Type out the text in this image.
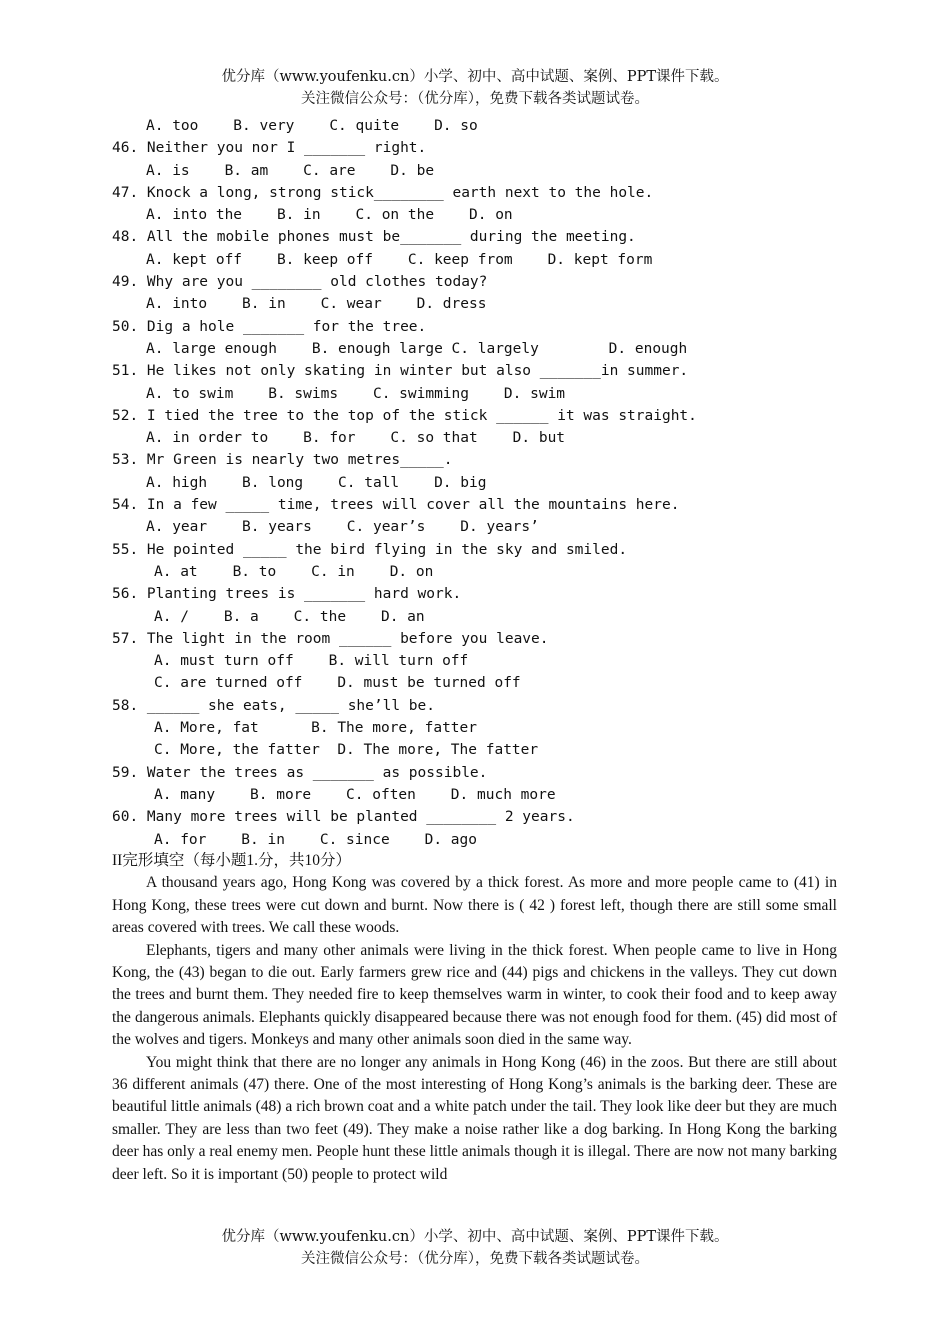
优分库（www.youfenku.cn）小学、初中、高中试题、案例、PPT课件下载。
关注微信公众号：（优分库），免费下载各类试题试卷。
A. too    B. very    C. quite    D. so
46. Neither you nor I _______ right.
A. is    B. am    C. are    D. be
47. Knock a long, strong stick________ earth next to the hole.
A. into the    B. in    C. on the    D. on
48. All the mobile phones must be_______ during the meeting.
A. kept off    B. keep off    C. keep from    D. kept form
49. Why are you ________ old clothes today?
A. into    B. in    C. wear    D. dress
50. Dig a hole _______ for the tree.
A. large enough    B. enough large C. largely        D. enough
51. He likes not only skating in winter but also _______in summer.
A. to swim    B. swims    C. swimming    D. swim
52. I tied the tree to the top of the stick ______ it was straight.
A. in order to    B. for    C. so that    D. but
53. Mr Green is nearly two metres_____.
A. high    B. long    C. tall    D. big
54. In a few _____ time, trees will cover all the mountains here.
A. year    B. years    C. year’s    D. years’
55. He pointed _____ the bird flying in the sky and smiled.
A. at    B. to    C. in    D. on
56. Planting trees is _______ hard work.
A. /    B. a    C. the    D. an
57. The light in the room ______ before you leave.
A. must turn off    B. will turn off
C. are turned off    D. must be turned off
58. ______ she eats, _____ she’ll be.
A. More, fat      B. The more, fatter
C. More, the fatter  D. The more, The fatter
59. Water the trees as _______ as possible.
A. many    B. more    C. often    D. much more
60. Many more trees will be planted ________ 2 years.
A. for    B. in    C. since    D. ago
II完形填空（每小题1.分，共10分）

A thousand years ago, Hong Kong was covered by a thick forest. As more and more people came to (41) in Hong Kong, these trees were cut down and burnt. Now there is ( 42 ) forest left, though there are still some small areas covered with trees. We call these woods.

Elephants, tigers and many other animals were living in the thick forest. When people came to live in Hong Kong, the (43) began to die out. Early farmers grew rice and (44) pigs and chickens in the valleys. They cut down the trees and burnt them. They needed fire to keep themselves warm in winter, to cook their food and to keep away the dangerous animals. Elephants quickly disappeared because there was not enough food for them. (45) did most of the wolves and tigers. Monkeys and many other animals soon died in the same way.

You might think that there are no longer any animals in Hong Kong (46) in the zoos. But there are still about 36 different animals (47) there. One of the most interesting of Hong Kong’s animals is the barking deer. These are beautiful little animals (48) a rich brown coat and a white patch under the tail. They look like deer but they are much smaller. They are less than two feet (49). They make a noise rather like a dog barking. In Hong Kong the barking deer has only a real enemy men. People hunt these little animals though it is illegal. There are now not many barking deer left. So it is important (50) people to protect wild

优分库（www.youfenku.cn）小学、初中、高中试题、案例、PPT课件下载。
关注微信公众号：（优分库），免费下载各类试题试卷。
